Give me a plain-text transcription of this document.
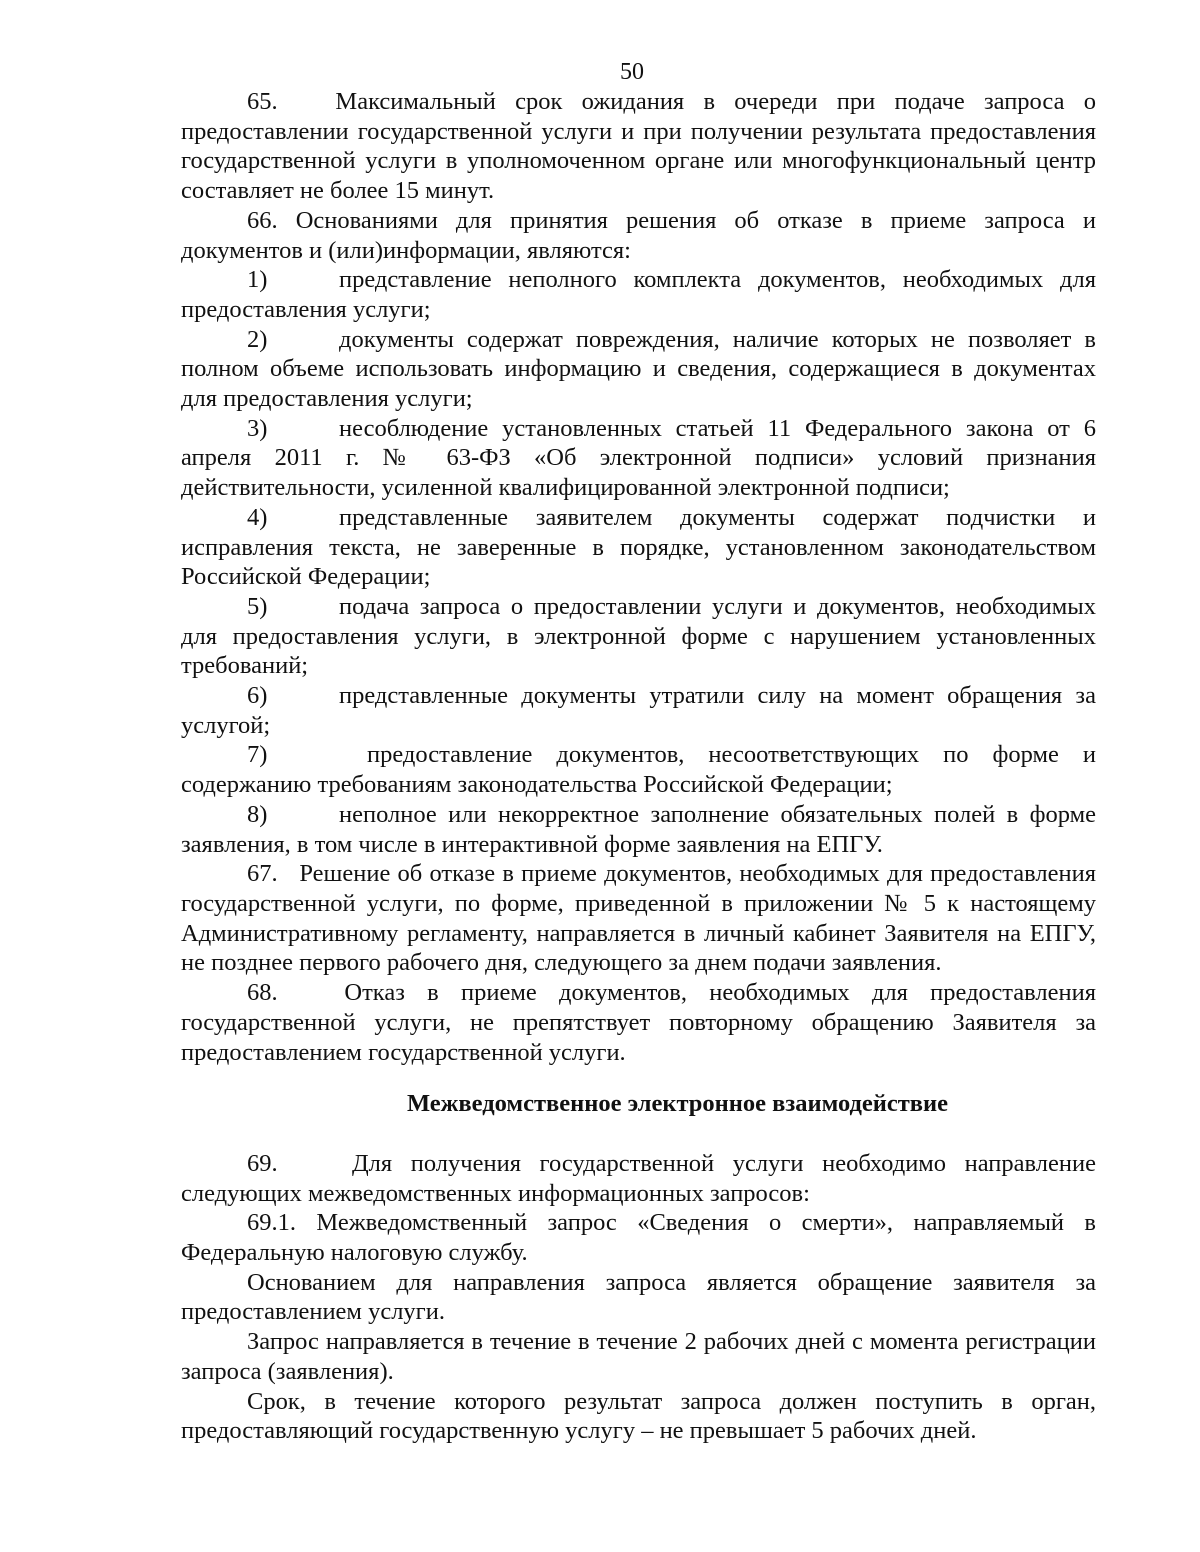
50

65.   Максимальный срок ожидания в очереди при подаче запроса о предоставлении государственной услуги и при получении результата предоставления государственной услуги в уполномоченном органе или многофункциональный центр составляет не более 15 минут.

66. Основаниями для принятия решения об отказе в приеме запроса и документов и (или)информации, являются:

1)	представление неполного комплекта документов, необходимых для предоставления услуги;

2)	документы содержат повреждения, наличие которых не позволяет в полном объеме использовать информацию и сведения, содержащиеся в документах для предоставления услуги;

3)	несоблюдение установленных статьей 11 Федерального закона от 6 апреля 2011 г. № 63-ФЗ «Об электронной подписи» условий признания действительности, усиленной квалифицированной электронной подписи;

4)	представленные заявителем документы содержат подчистки и исправления текста, не заверенные в порядке, установленном законодательством Российской Федерации;

5)	подача запроса о предоставлении услуги и документов, необходимых для предоставления услуги, в электронной форме с нарушением установленных требований;

6)	представленные документы утратили силу на момент обращения за услугой;

7)	предоставление документов, несоответствующих по форме и содержанию требованиям законодательства Российской Федерации;

8)	неполное или некорректное заполнение обязательных полей в форме заявления, в том числе в интерактивной форме заявления на ЕПГУ.

67.   Решение об отказе в приеме документов, необходимых для предоставления государственной услуги, по форме, приведенной в приложении № 5 к настоящему Административному регламенту, направляется в личный кабинет Заявителя на ЕПГУ, не позднее первого рабочего дня, следующего за днем подачи заявления.

68.   Отказ в приеме документов, необходимых для предоставления государственной услуги, не препятствует повторному обращению Заявителя за предоставлением государственной услуги.

Межведомственное электронное взаимодействие

69.    Для получения государственной услуги необходимо направление следующих межведомственных информационных запросов:

69.1. Межведомственный запрос «Сведения о смерти», направляемый в Федеральную налоговую службу.

Основанием для направления запроса является обращение заявителя за предоставлением услуги.

Запрос направляется в течение в течение 2 рабочих дней с момента регистрации запроса (заявления).

Срок, в течение которого результат запроса должен поступить в орган, предоставляющий государственную услугу – не превышает 5 рабочих дней.
